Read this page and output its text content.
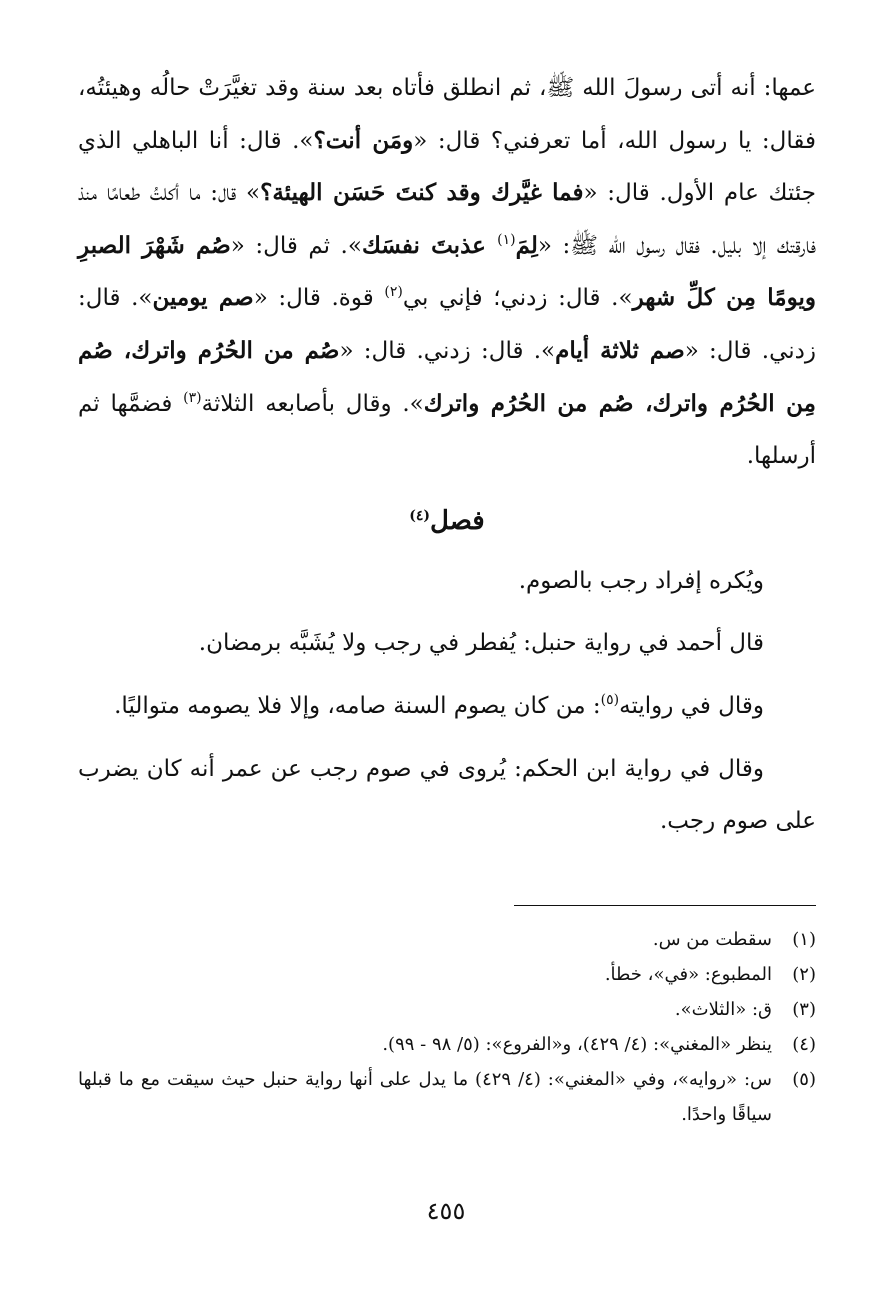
عمها: أنه أتى رسولَ الله ﷺ، ثم انطلق فأتاه بعد سنة وقد تغيَّرَتْ حالُه وهيئتُه، فقال: يا رسول الله، أما تعرفني؟ قال: «ومَن أنت؟». قال: أنا الباهلي الذي جئتك عام الأول. قال: «فما غيَّرك وقد كنتَ حَسَن الهيئة؟» قال: ما أكلتُ طعامًا منذ فارقتك إلا بليل. فقال رسول الله ﷺ: «لِمَ$^{(١)}$ عذبتَ نفسَك». ثم قال: «صُم شَهْرَ الصبرِ ويومًا مِن كلِّ شهر». قال: زدني؛ فإني بي$^{(٢)}$ قوة. قال: «صم يومين». قال: زدني. قال: «صم ثلاثة أيام». قال: زدني. قال: «صُم من الحُرُم واترك، صُم مِن الحُرُم واترك، صُم من الحُرُم واترك». وقال بأصابعه الثلاثة$^{(٣)}$ فضمَّها ثم أرسلها.

فصل$^{(٤)}$

ويُكره إفراد رجب بالصوم.

قال أحمد في رواية حنبل: يُفطر في رجب ولا يُشَبَّه برمضان.

وقال في روايته$^{(٥)}$: من كان يصوم السنة صامه، وإلا فلا يصومه متواليًا.

وقال في رواية ابن الحكم: يُروى في صوم رجب عن عمر أنه كان يضرب على صوم رجب.

(١)
سقطت من س.
(٢)
المطبوع: «في»، خطأ.
(٣)
ق: «الثلاث».
(٤)
ينظر «المغني»: (٤/ ٤٢٩)، و«الفروع»: (٥/ ٩٨ - ٩٩).
(٥)
س: «روايه»، وفي «المغني»: (٤/ ٤٢٩) ما يدل على أنها رواية حنبل حيث سيقت مع ما قبلها سياقًا واحدًا.
٤٥٥
